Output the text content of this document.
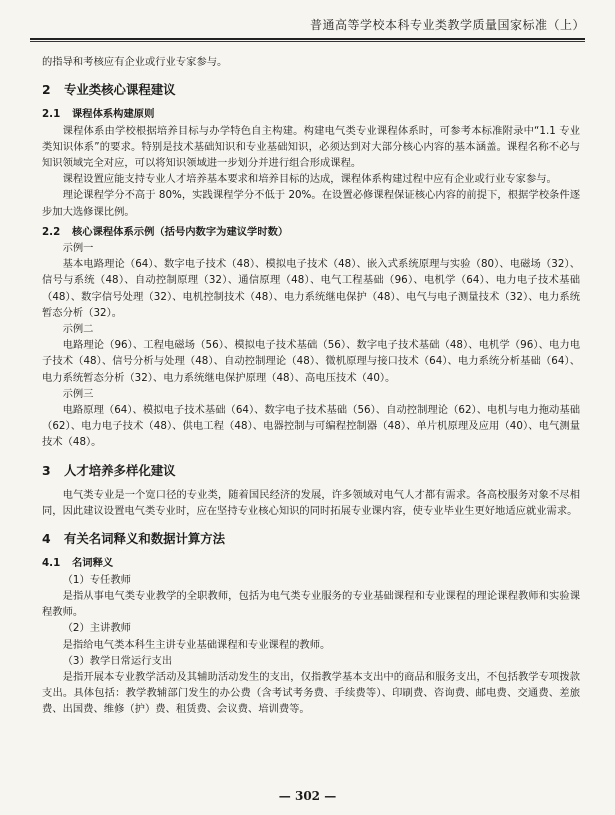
普通高等学校本科专业类教学质量国家标准（上）

的指导和考核应有企业或行业专家参与。

2 专业类核心课程建议
2.1 课程体系构建原则

课程体系由学校根据培养目标与办学特色自主构建。构建电气类专业课程体系时，可参考本标准附录中“1.1 专业类知识体系”的要求。特别是技术基础知识和专业基础知识，必须达到对大部分核心内容的基本涵盖。课程名称不必与知识领域完全对应，可以将知识领域进一步划分并进行组合形成课程。

课程设置应能支持专业人才培养基本要求和培养目标的达成，课程体系构建过程中应有企业或行业专家参与。

理论课程学分不高于 80%，实践课程学分不低于 20%。在设置必修课程保证核心内容的前提下，根据学校条件逐步加大选修课比例。

2.2 核心课程体系示例（括号内数字为建议学时数）

示例一

基本电路理论（64）、数字电子技术（48）、模拟电子技术（48）、嵌入式系统原理与实验（80）、电磁场（32）、信号与系统（48）、自动控制原理（32）、通信原理（48）、电气工程基础（96）、电机学（64）、电力电子技术基础（48）、数字信号处理（32）、电机控制技术（48）、电力系统继电保护（48）、电气与电子测量技术（32）、电力系统暂态分析（32）。

示例二

电路理论（96）、工程电磁场（56）、模拟电子技术基础（56）、数字电子技术基础（48）、电机学（96）、电力电子技术（48）、信号分析与处理（48）、自动控制理论（48）、微机原理与接口技术（64）、电力系统分析基础（64）、电力系统暂态分析（32）、电力系统继电保护原理（48）、高电压技术（40）。

示例三

电路原理（64）、模拟电子技术基础（64）、数字电子技术基础（56）、自动控制理论（62）、电机与电力拖动基础（62）、电力电子技术（48）、供电工程（48）、电器控制与可编程控制器（48）、单片机原理及应用（40）、电气测量技术（48）。

3 人才培养多样化建议

电气类专业是一个宽口径的专业类，随着国民经济的发展，许多领域对电气人才都有需求。各高校服务对象不尽相同，因此建议设置电气类专业时，应在坚持专业核心知识的同时拓展专业课内容，使专业毕业生更好地适应就业需求。

4 有关名词释义和数据计算方法
4.1 名词释义

（1）专任教师

是指从事电气类专业教学的全职教师，包括为电气类专业服务的专业基础课程和专业课程的理论课程教师和实验课程教师。

（2）主讲教师

是指给电气类本科生主讲专业基础课程和专业课程的教师。

（3）教学日常运行支出

是指开展本专业教学活动及其辅助活动发生的支出，仅指教学基本支出中的商品和服务支出，不包括教学专项拨款支出。具体包括：教学教辅部门发生的办公费（含考试考务费、手续费等）、印刷费、咨询费、邮电费、交通费、差旅费、出国费、维修（护）费、租赁费、会议费、培训费等。

— 302 —
